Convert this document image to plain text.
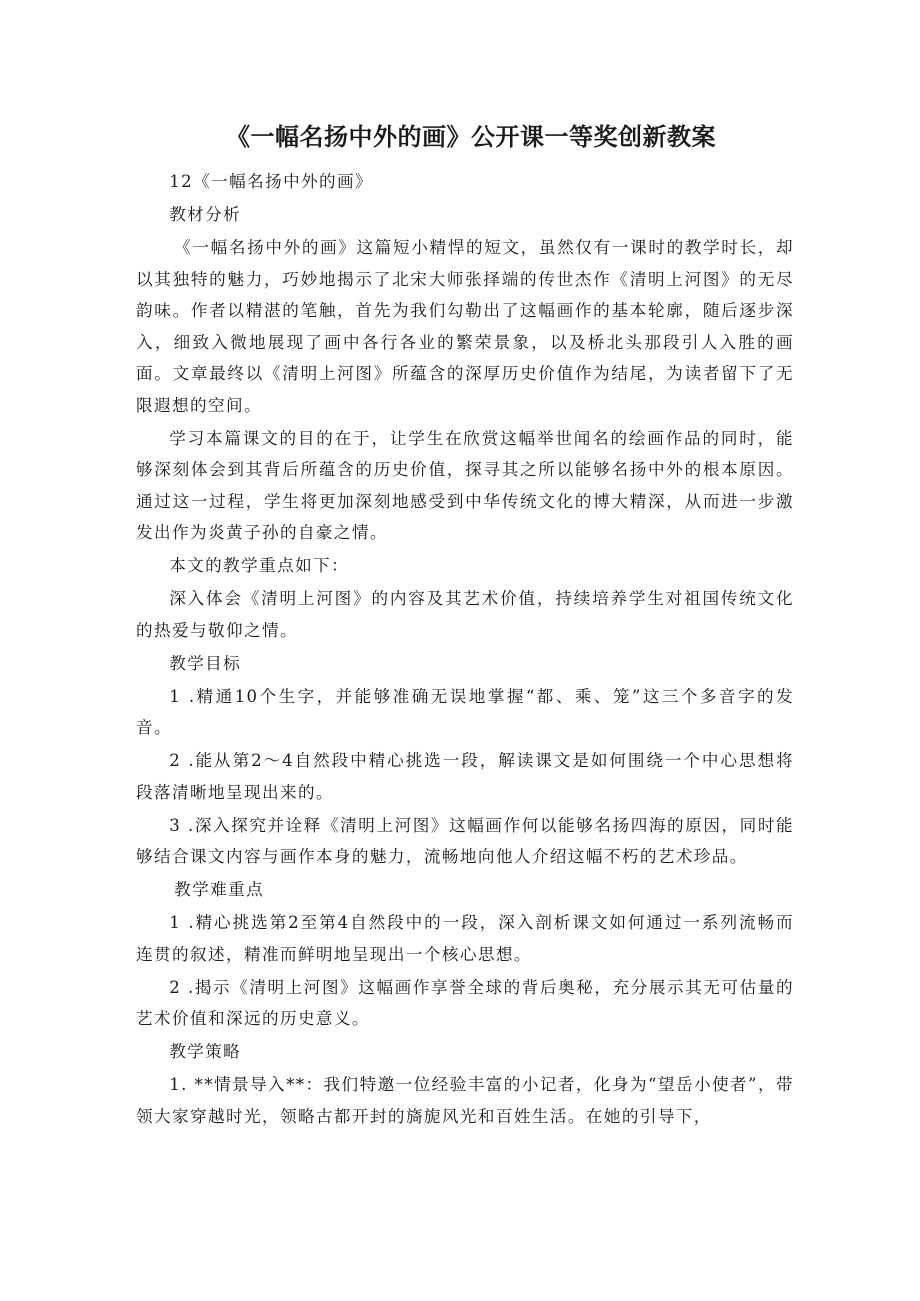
《一幅名扬中外的画》公开课一等奖创新教案
12《一幅名扬中外的画》
教材分析
《一幅名扬中外的画》这篇短小精悍的短文，虽然仅有一课时的教学时长，却以其独特的魅力，巧妙地揭示了北宋大师张择端的传世杰作《清明上河图》的无尽韵味。作者以精湛的笔触，首先为我们勾勒出了这幅画作的基本轮廓，随后逐步深入，细致入微地展现了画中各行各业的繁荣景象，以及桥北头那段引人入胜的画面。文章最终以《清明上河图》所蕴含的深厚历史价值作为结尾，为读者留下了无限遐想的空间。
学习本篇课文的目的在于，让学生在欣赏这幅举世闻名的绘画作品的同时，能够深刻体会到其背后所蕴含的历史价值，探寻其之所以能够名扬中外的根本原因。通过这一过程，学生将更加深刻地感受到中华传统文化的博大精深，从而进一步激发出作为炎黄子孙的自豪之情。
本文的教学重点如下：
深入体会《清明上河图》的内容及其艺术价值，持续培养学生对祖国传统文化的热爱与敬仰之情。
教学目标
1 .精通10个生字，并能够准确无误地掌握“都、乘、笼”这三个多音字的发音。
2 .能从第2～4自然段中精心挑选一段，解读课文是如何围绕一个中心思想将段落清晰地呈现出来的。
3 .深入探究并诠释《清明上河图》这幅画作何以能够名扬四海的原因，同时能够结合课文内容与画作本身的魅力，流畅地向他人介绍这幅不朽的艺术珍品。
教学难重点
1 .精心挑选第2至第4自然段中的一段，深入剖析课文如何通过一系列流畅而连贯的叙述，精准而鲜明地呈现出一个核心思想。
2 .揭示《清明上河图》这幅画作享誉全球的背后奥秘，充分展示其无可估量的艺术价值和深远的历史意义。
教学策略
1. **情景导入**：我们特邀一位经验丰富的小记者，化身为“望岳小使者”，带领大家穿越时光，领略古都开封的旖旎风光和百姓生活。在她的引导下，
